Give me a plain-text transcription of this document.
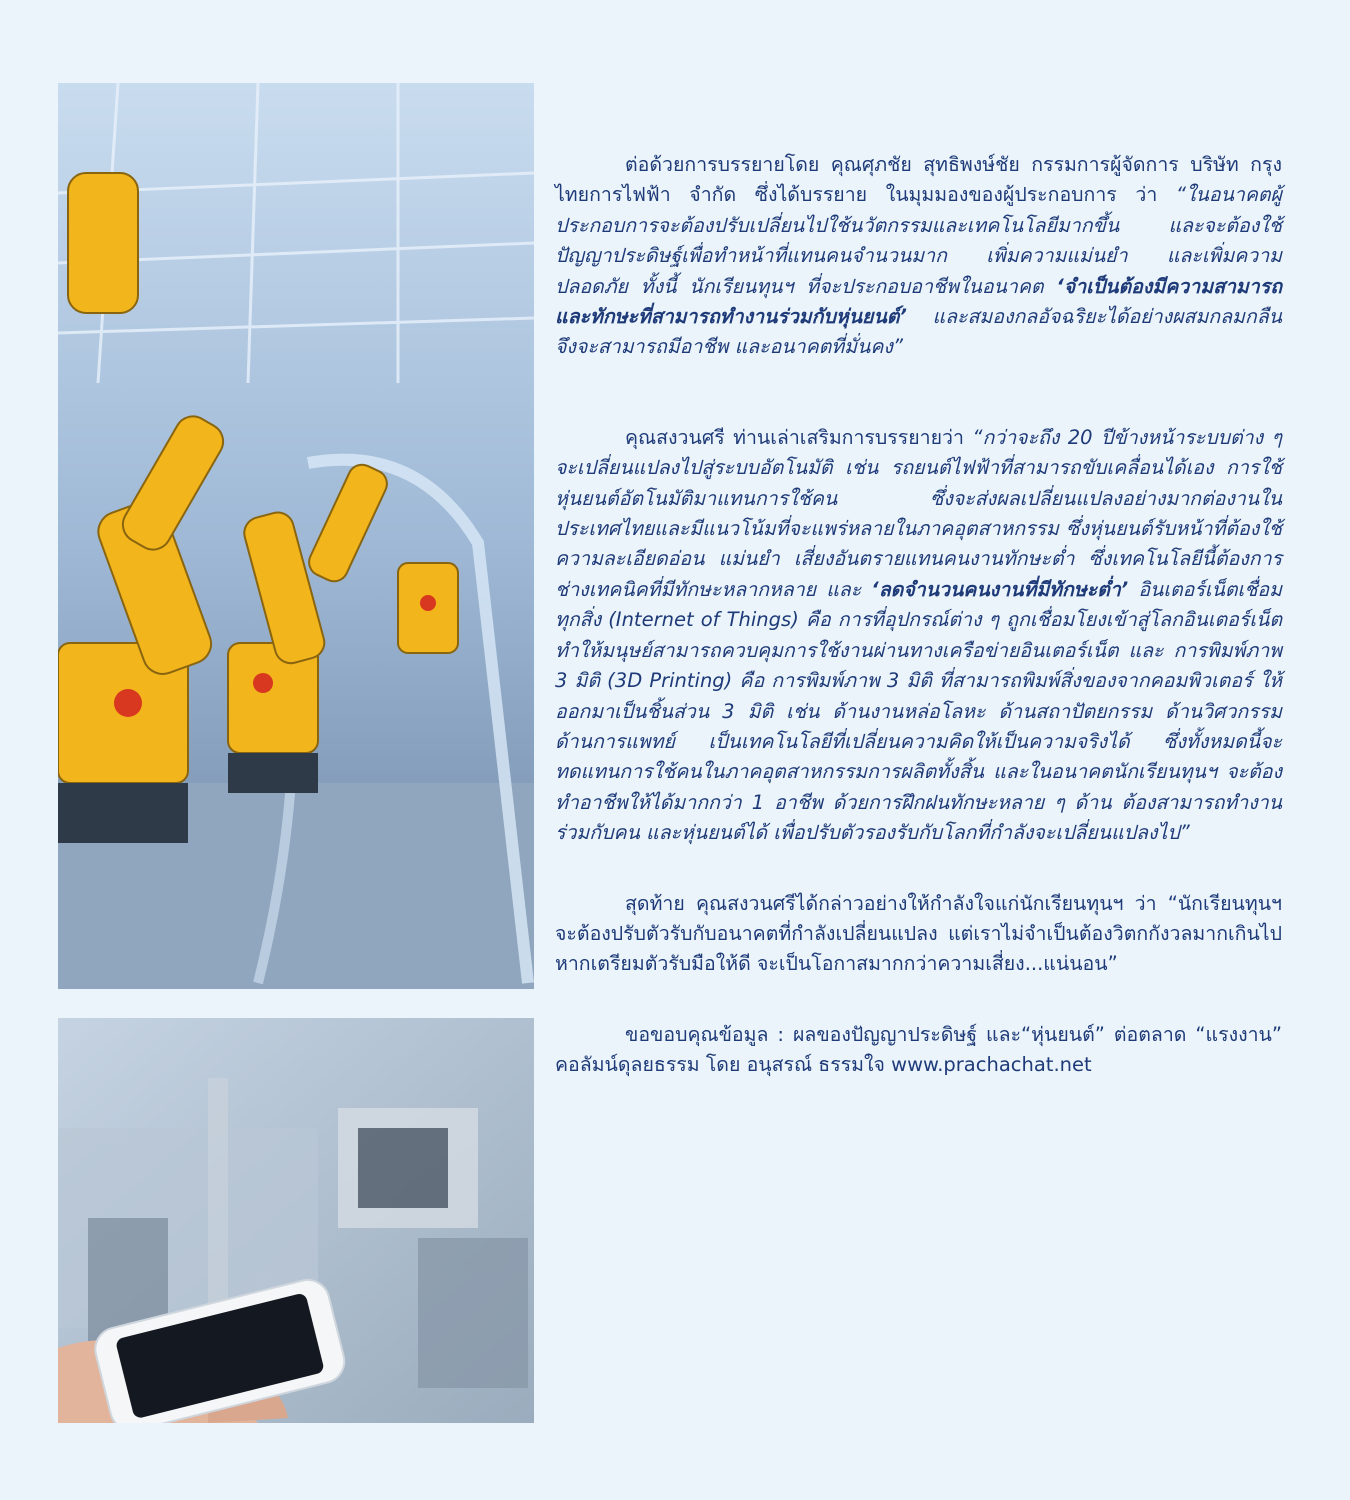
ต่อด้วยการบรรยายโดย คุณศุภชัย สุทธิพงษ์ชัย กรรมการผู้จัดการ บริษัท กรุงไทยการไฟฟ้า จำกัด ซึ่งได้บรรยาย ในมุมมองของผู้ประกอบการ ว่า “ในอนาคตผู้ประกอบการจะต้องปรับเปลี่ยนไปใช้นวัตกรรมและเทคโนโลยีมากขึ้น และจะต้องใช้ปัญญาประดิษฐ์เพื่อทำหน้าที่แทนคนจำนวนมาก เพิ่มความแม่นยำ และเพิ่มความปลอดภัย ทั้งนี้ นักเรียนทุนฯ ที่จะประกอบอาชีพในอนาคต ‘จำเป็นต้องมีความสามารถ และทักษะที่สามารถทำงานร่วมกับหุ่นยนต์’ และสมองกลอัจฉริยะได้อย่างผสมกลมกลืน จึงจะสามารถมีอาชีพ และอนาคตที่มั่นคง”

คุณสงวนศรี ท่านเล่าเสริมการบรรยายว่า “กว่าจะถึง 20 ปีข้างหน้าระบบต่าง ๆ จะเปลี่ยนแปลงไปสู่ระบบอัตโนมัติ เช่น รถยนต์ไฟฟ้าที่สามารถขับเคลื่อนได้เอง การใช้หุ่นยนต์อัตโนมัติมาแทนการใช้คน ซึ่งจะส่งผลเปลี่ยนแปลงอย่างมากต่องานในประเทศไทยและมีแนวโน้มที่จะแพร่หลายในภาคอุตสาหกรรม ซึ่งหุ่นยนต์รับหน้าที่ต้องใช้ความละเอียดอ่อน แม่นยำ เสี่ยงอันตรายแทนคนงานทักษะต่ำ ซึ่งเทคโนโลยีนี้ต้องการช่างเทคนิคที่มีทักษะหลากหลาย และ ‘ลดจำนวนคนงานที่มีทักษะต่ำ’ อินเตอร์เน็ตเชื่อมทุกสิ่ง (Internet of Things) คือ การที่อุปกรณ์ต่าง ๆ ถูกเชื่อมโยงเข้าสู่โลกอินเตอร์เน็ต ทำให้มนุษย์สามารถควบคุมการใช้งานผ่านทางเครือข่ายอินเตอร์เน็ต และ การพิมพ์ภาพ 3 มิติ (3D Printing) คือ การพิมพ์ภาพ 3 มิติ ที่สามารถพิมพ์สิ่งของจากคอมพิวเตอร์ ให้ออกมาเป็นชิ้นส่วน 3 มิติ เช่น ด้านงานหล่อโลหะ ด้านสถาปัตยกรรม ด้านวิศวกรรม ด้านการแพทย์ เป็นเทคโนโลยีที่เปลี่ยนความคิดให้เป็นความจริงได้ ซึ่งทั้งหมดนี้จะทดแทนการใช้คนในภาคอุตสาหกรรมการผลิตทั้งสิ้น และในอนาคตนักเรียนทุนฯ จะต้องทำอาชีพให้ได้มากกว่า 1 อาชีพ ด้วยการฝึกฝนทักษะหลาย ๆ ด้าน ต้องสามารถทำงานร่วมกับคน และหุ่นยนต์ได้ เพื่อปรับตัวรองรับกับโลกที่กำลังจะเปลี่ยนแปลงไป”

สุดท้าย คุณสงวนศรีได้กล่าวอย่างให้กำลังใจแก่นักเรียนทุนฯ ว่า “นักเรียนทุนฯ จะต้องปรับตัวรับกับอนาคตที่กำลังเปลี่ยนแปลง แต่เราไม่จำเป็นต้องวิตกกังวลมากเกินไป หากเตรียมตัวรับมือให้ดี จะเป็นโอกาสมากกว่าความเสี่ยง...แน่นอน”

ขอขอบคุณข้อมูล : ผลของปัญญาประดิษฐ์ และ“หุ่นยนต์” ต่อตลาด “แรงงาน” คอลัมน์ดุลยธรรม โดย อนุสรณ์ ธรรมใจ www.prachachat.net
